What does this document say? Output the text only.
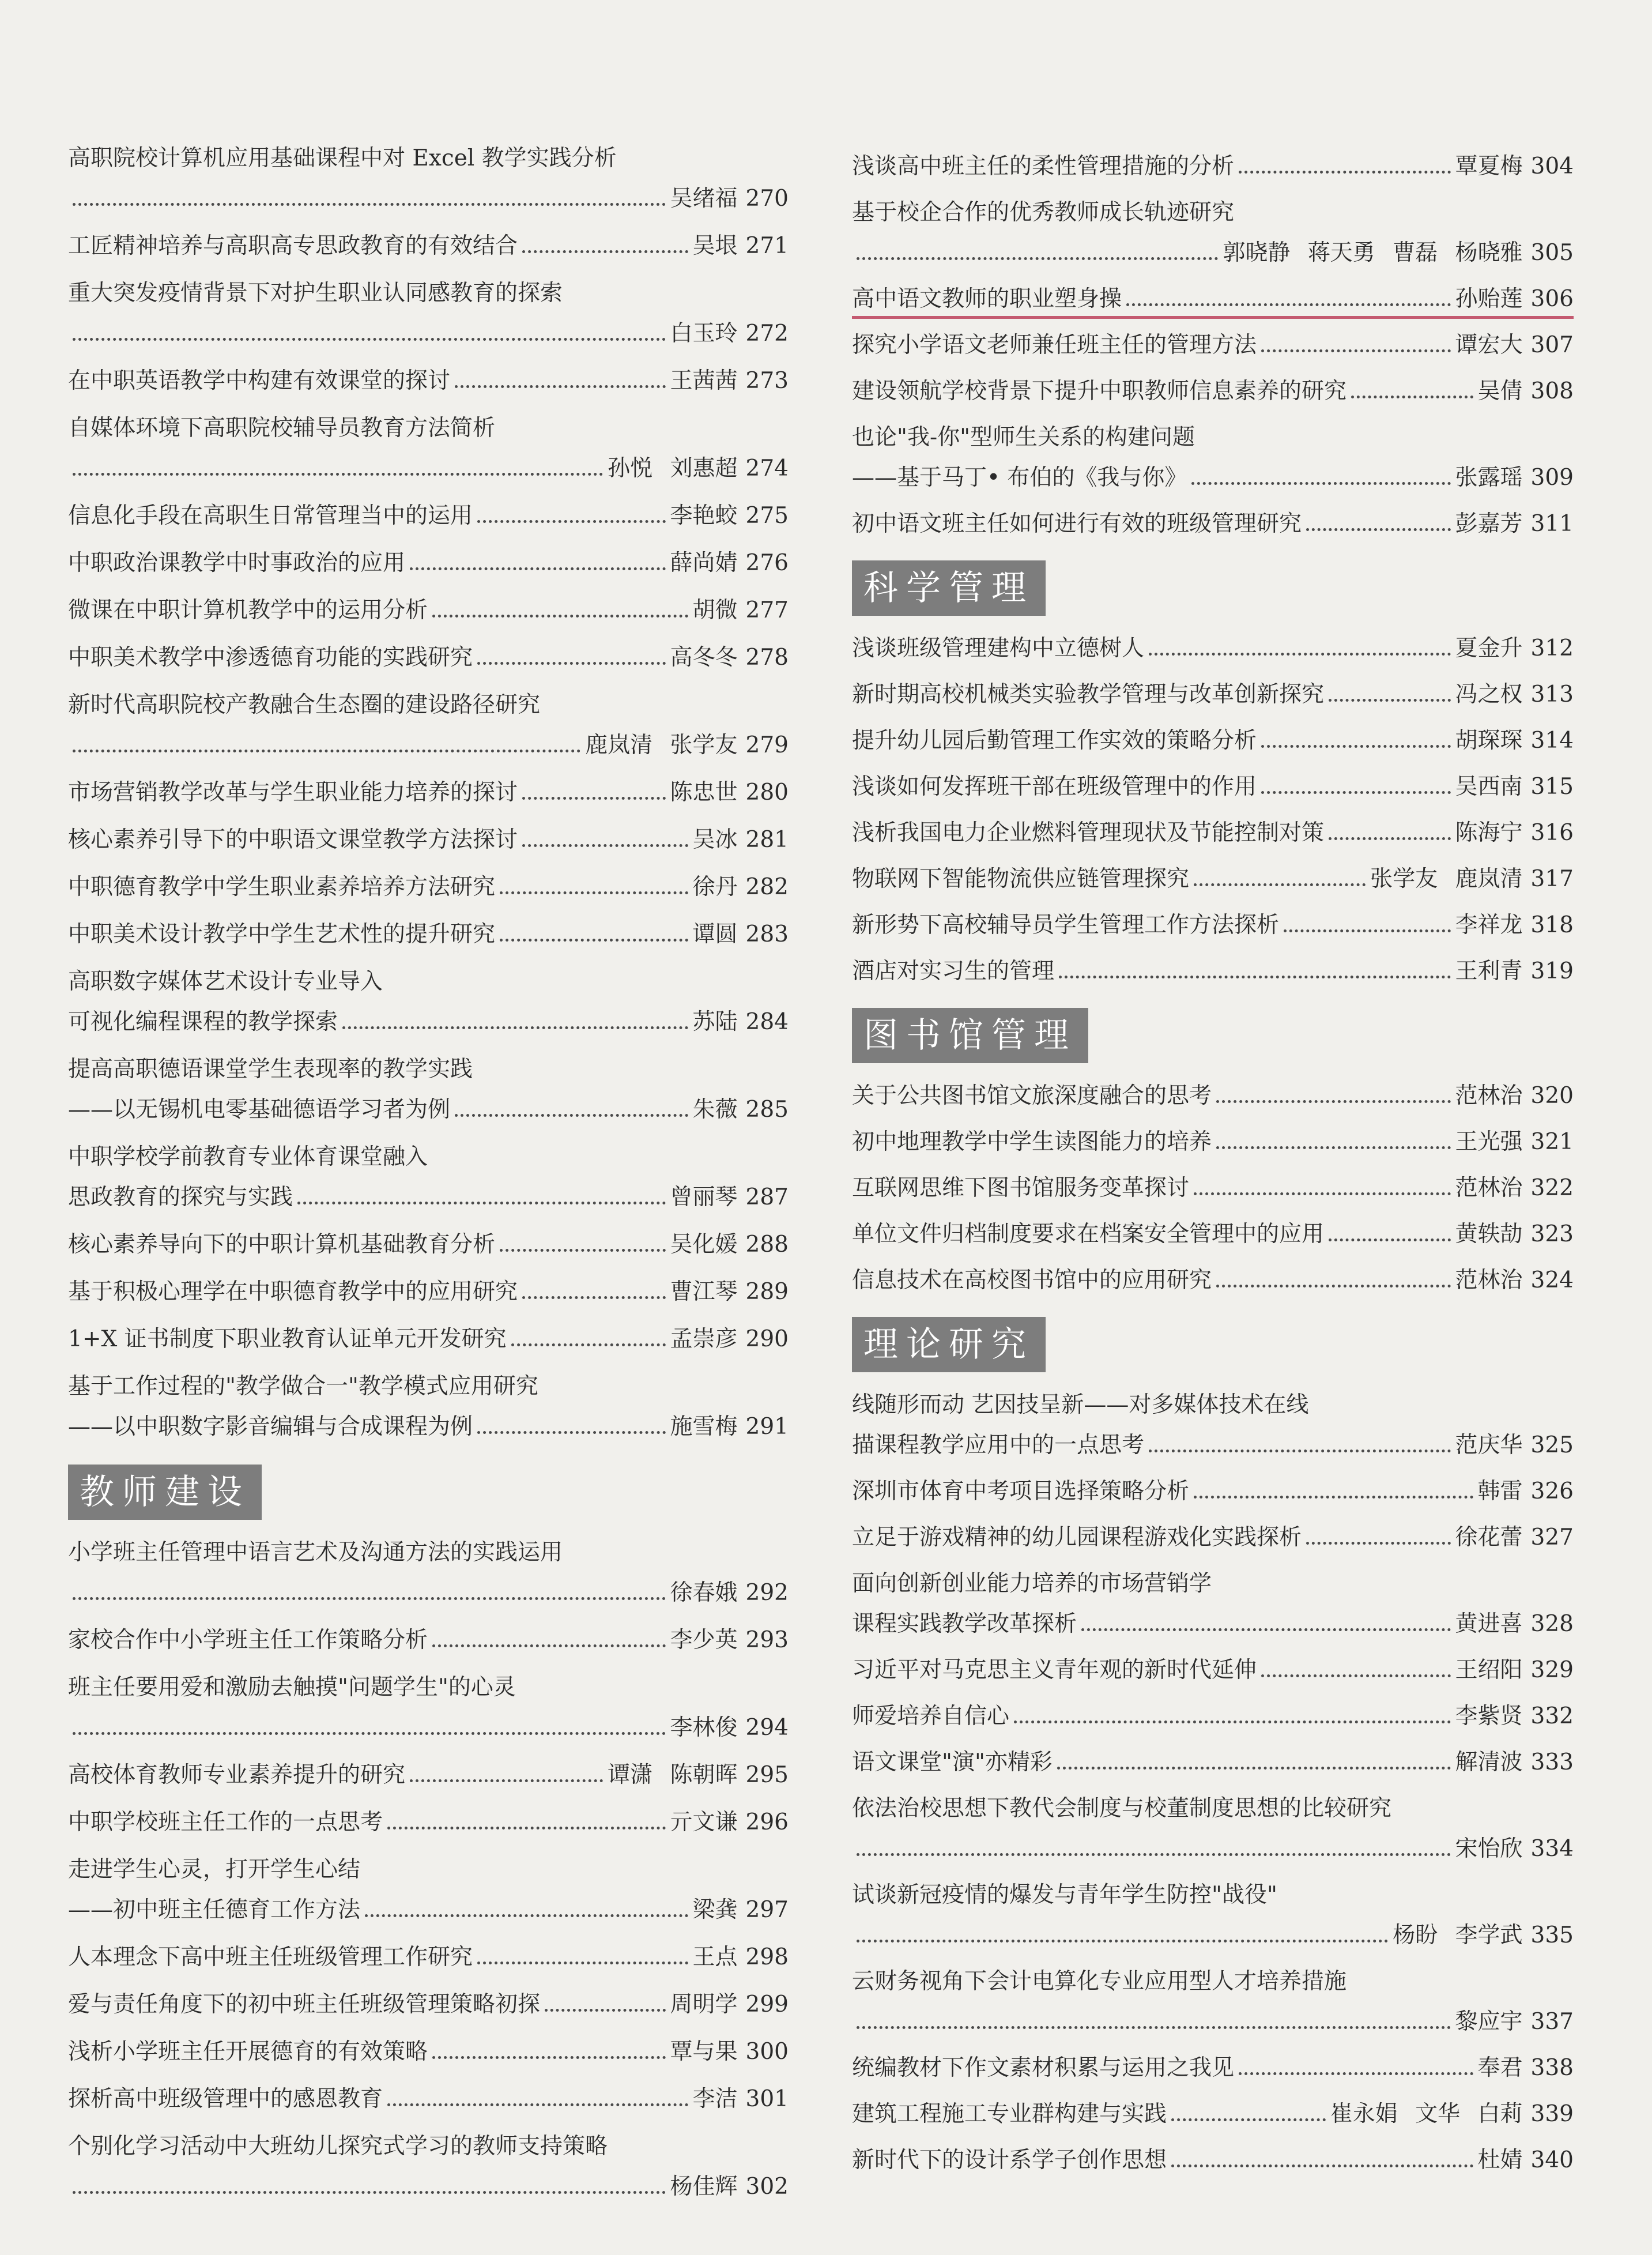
高职院校计算机应用基础课程中对 Excel 教学实践分析
吴绪福 270
工匠精神培养与高职高专思政教育的有效结合	吴垠 271
重大突发疫情背景下对护生职业认同感教育的探索
白玉玲 272
在中职英语教学中构建有效课堂的探讨	王茜茜 273
自媒体环境下高职院校辅导员教育方法简析
孙悦 刘惠超 274
信息化手段在高职生日常管理当中的运用	李艳蛟 275
中职政治课教学中时事政治的应用	薛尚婧 276
微课在中职计算机教学中的运用分析	胡微 277
中职美术教学中渗透德育功能的实践研究	高冬冬 278
新时代高职院校产教融合生态圈的建设路径研究
鹿岚清 张学友 279
市场营销教学改革与学生职业能力培养的探讨	陈忠世 280
核心素养引导下的中职语文课堂教学方法探讨	吴冰 281
中职德育教学中学生职业素养培养方法研究	徐丹 282
中职美术设计教学中学生艺术性的提升研究	谭圆 283
高职数字媒体艺术设计专业导入
可视化编程课程的教学探索	苏陆 284
提高高职德语课堂学生表现率的教学实践
——以无锡机电零基础德语学习者为例	朱薇 285
中职学校学前教育专业体育课堂融入
思政教育的探究与实践	曾丽琴 287
核心素养导向下的中职计算机基础教育分析	吴化媛 288
基于积极心理学在中职德育教学中的应用研究	曹江琴 289
1+X 证书制度下职业教育认证单元开发研究	孟崇彦 290
基于工作过程的"教学做合一"教学模式应用研究
——以中职数字影音编辑与合成课程为例	施雪梅 291
教师建设
小学班主任管理中语言艺术及沟通方法的实践运用
徐春娥 292
家校合作中小学班主任工作策略分析	李少英 293
班主任要用爱和激励去触摸"问题学生"的心灵
李林俊 294
高校体育教师专业素养提升的研究	谭潇 陈朝晖 295
中职学校班主任工作的一点思考	亓文谦 296
走进学生心灵，打开学生心结
——初中班主任德育工作方法	梁龚 297
人本理念下高中班主任班级管理工作研究	王点 298
爱与责任角度下的初中班主任班级管理策略初探	周明学 299
浅析小学班主任开展德育的有效策略	覃与果 300
探析高中班级管理中的感恩教育	李洁 301
个别化学习活动中大班幼儿探究式学习的教师支持策略
杨佳辉 302
浅谈高中班主任的柔性管理措施的分析	覃夏梅 304
基于校企合作的优秀教师成长轨迹研究
郭晓静 蒋天勇 曹磊 杨晓雅 305
高中语文教师的职业塑身操	孙贻莲 306
探究小学语文老师兼任班主任的管理方法	谭宏大 307
建设领航学校背景下提升中职教师信息素养的研究	吴倩 308
也论"我-你"型师生关系的构建问题
——基于马丁• 布伯的《我与你》	张露瑶 309
初中语文班主任如何进行有效的班级管理研究	彭嘉芳 311
科学管理
浅谈班级管理建构中立德树人	夏金升 312
新时期高校机械类实验教学管理与改革创新探究	冯之权 313
提升幼儿园后勤管理工作实效的策略分析	胡琛琛 314
浅谈如何发挥班干部在班级管理中的作用	吴西南 315
浅析我国电力企业燃料管理现状及节能控制对策	陈海宁 316
物联网下智能物流供应链管理探究	张学友 鹿岚清 317
新形势下高校辅导员学生管理工作方法探析	李祥龙 318
酒店对实习生的管理	王利青 319
图书馆管理
关于公共图书馆文旅深度融合的思考	范林治 320
初中地理教学中学生读图能力的培养	王光强 321
互联网思维下图书馆服务变革探讨	范林治 322
单位文件归档制度要求在档案安全管理中的应用	黄轶劼 323
信息技术在高校图书馆中的应用研究	范林治 324
理论研究
线随形而动 艺因技呈新——对多媒体技术在线
描课程教学应用中的一点思考	范庆华 325
深圳市体育中考项目选择策略分析	韩雷 326
立足于游戏精神的幼儿园课程游戏化实践探析	徐花蕾 327
面向创新创业能力培养的市场营销学
课程实践教学改革探析	黄进喜 328
习近平对马克思主义青年观的新时代延伸	王绍阳 329
师爱培养自信心	李紫贤 332
语文课堂"演"亦精彩	解清波 333
依法治校思想下教代会制度与校董制度思想的比较研究
宋怡欣 334
试谈新冠疫情的爆发与青年学生防控"战役"
杨盼 李学武 335
云财务视角下会计电算化专业应用型人才培养措施
黎应宇 337
统编教材下作文素材积累与运用之我见	奉君 338
建筑工程施工专业群构建与实践	崔永娟 文华 白莉 339
新时代下的设计系学子创作思想	杜婧 340
